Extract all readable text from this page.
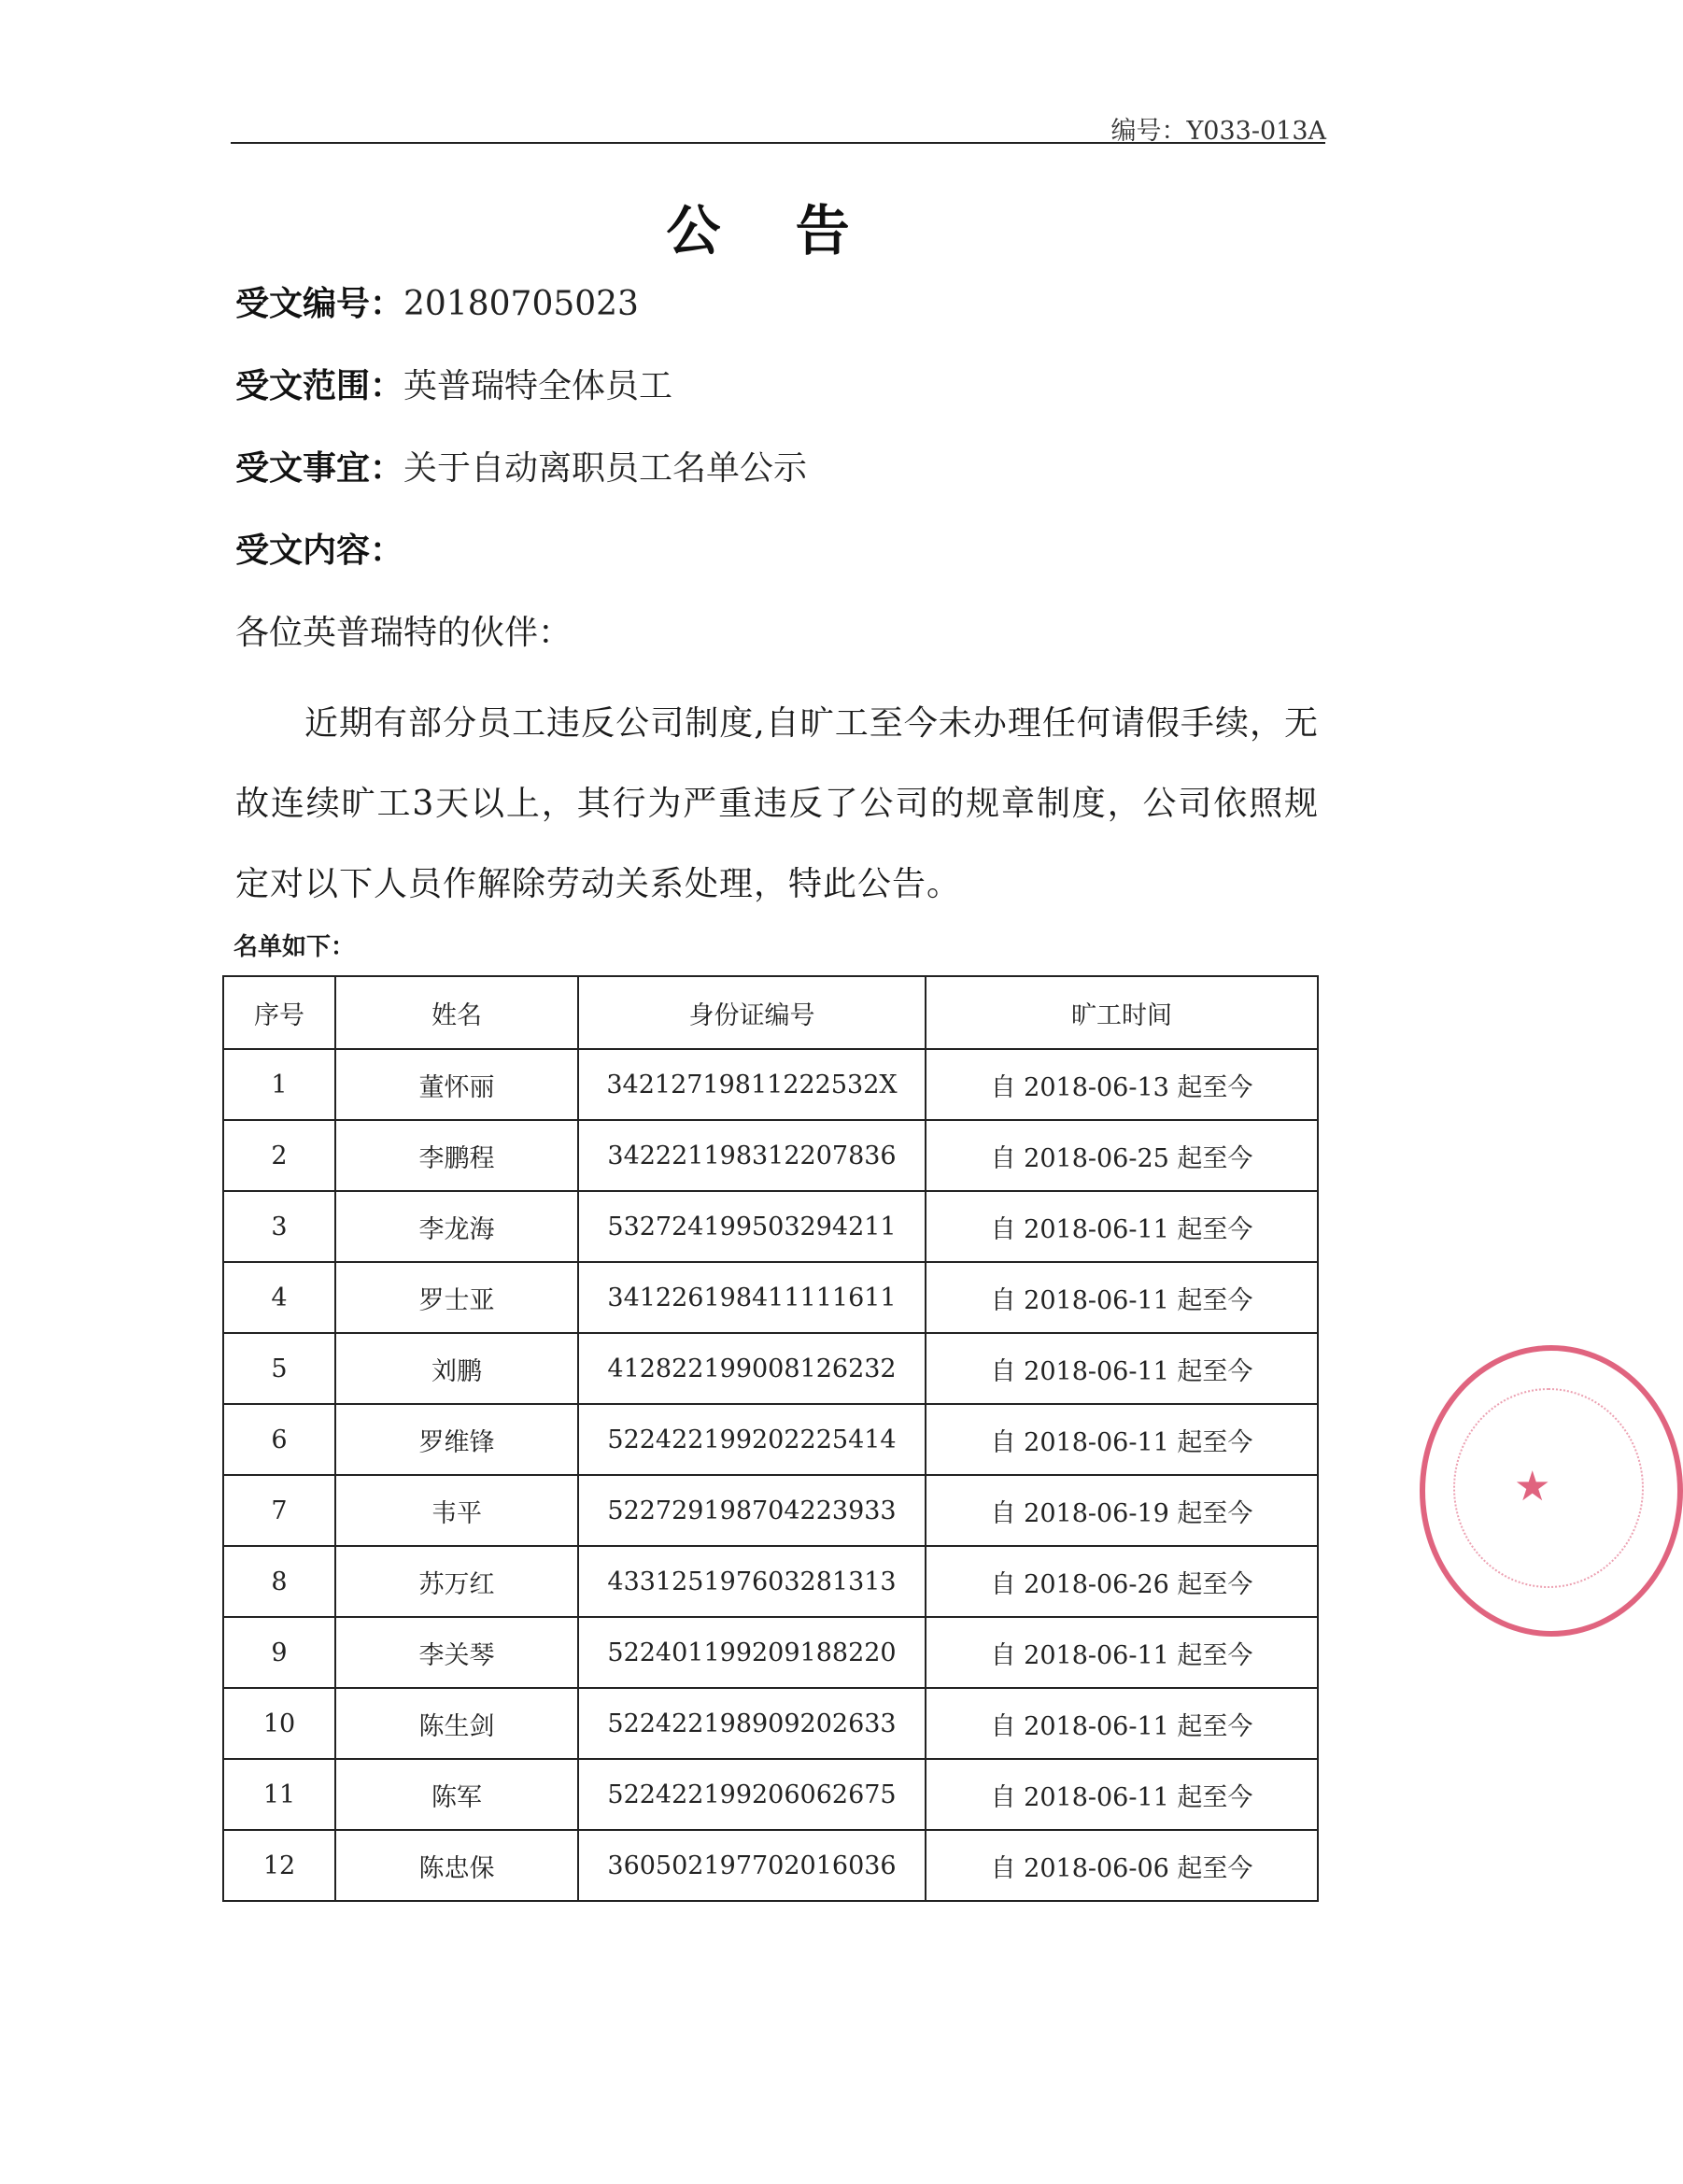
编号：Y033-013A
公 告
受文编号：20180705023
受文范围：英普瑞特全体员工
受文事宜：关于自动离职员工名单公示
受文内容：
各位英普瑞特的伙伴：
近期有部分员工违反公司制度,自旷工至今未办理任何请假手续，无故连续旷工3天以上，其行为严重违反了公司的规章制度，公司依照规定对以下人员作解除劳动关系处理，特此公告。
名单如下：
序号	姓名	身份证编号	旷工时间
1	董怀丽	34212719811222532X	自 2018-06-13 起至今
2	李鹏程	342221198312207836	自 2018-06-25 起至今
3	李龙海	532724199503294211	自 2018-06-11 起至今
4	罗士亚	341226198411111611	自 2018-06-11 起至今
5	刘鹏	412822199008126232	自 2018-06-11 起至今
6	罗维锋	522422199202225414	自 2018-06-11 起至今
7	韦平	522729198704223933	自 2018-06-19 起至今
8	苏万红	433125197603281313	自 2018-06-26 起至今
9	李关琴	522401199209188220	自 2018-06-11 起至今
10	陈生剑	522422198909202633	自 2018-06-11 起至今
11	陈军	522422199206062675	自 2018-06-11 起至今
12	陈忠保	360502197702016036	自 2018-06-06 起至今
★
